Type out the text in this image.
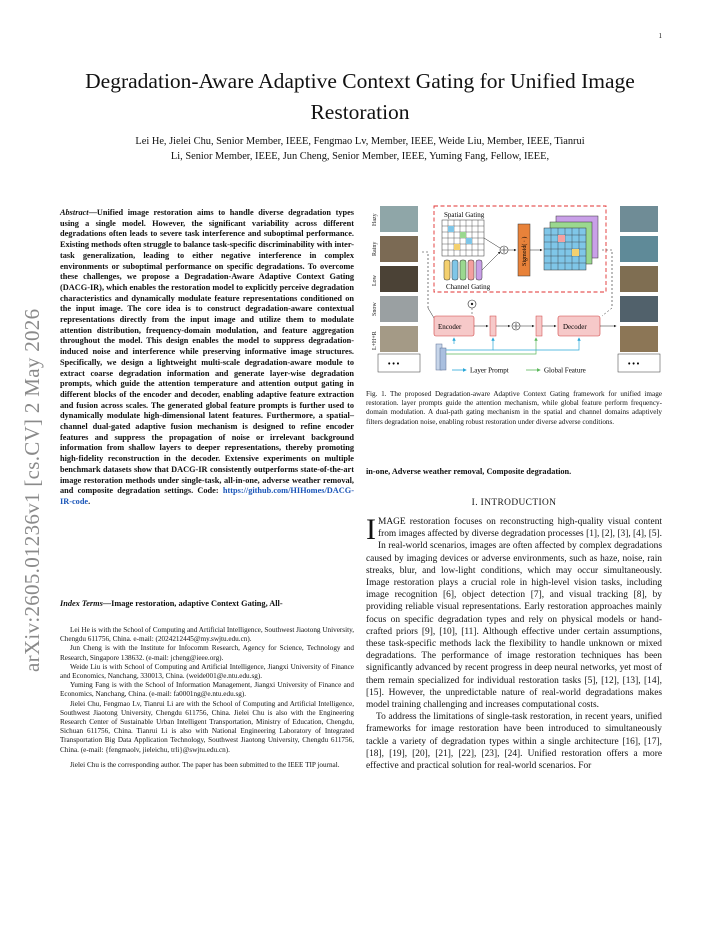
1
arXiv:2605.01236v1 [cs.CV] 2 May 2026
Degradation-Aware Adaptive Context Gating for Unified Image Restoration
Lei He, Jielei Chu, Senior Member, IEEE, Fengmao Lv, Member, IEEE, Weide Liu, Member, IEEE, Tianrui
Li, Senior Member, IEEE, Jun Cheng, Senior Member, IEEE, Yuming Fang, Fellow, IEEE,
Abstract—Unified image restoration aims to handle diverse degradation types using a single model. However, the significant variability across different degradations often leads to severe task interference and suboptimal performance. Existing methods often struggle to balance task-specific discriminability with inter-task generalization, leading to either negative interference in complex environments or suboptimal performance on specific degradations. To overcome these challenges, we propose a Degradation-Aware Adaptive Context Gating (DACG-IR), which enables the restoration model to explicitly perceive degradation characteristics and dynamically modulate feature representations conditioned on the input image. The core idea is to construct degradation-aware contextual representations directly from the input image and utilize them to modulate attention distribution, frequency-domain modulation, and feature aggregation throughout the model. This design enables the model to suppress degradation-induced noise and interference while preserving informative image structures. Specifically, we design a lightweight multi-scale degradation-aware module to extract coarse degradation information and generate layer-wise degradation prompts, which guide the attention temperature and attention output gating in different blocks of the encoder and decoder, enabling adaptive feature extraction and fusion across scales. The generated global feature prompts is further used to dynamically modulate high-dimensional latent features. Furthermore, a spatial–channel dual-gated adaptive fusion mechanism is designed to refine encoder features and suppress the propagation of noise or irrelevant background information from shallow layers to deeper representations, thereby promoting high-fidelity reconstruction in the decoder. Extensive experiments on multiple benchmark datasets show that DACG-IR consistently outperforms state-of-the-art image restoration methods under single-task, all-in-one, adverse weather removal, and composite degradation settings. Code: https://github.com/HIHomes/DACG-IR-code.
Index Terms—Image restoration, adaptive Context Gating, All-

Lei He is with the School of Computing and Artificial Intelligence, Southwest Jiaotong University, Chengdu 611756, China. e-mail: (2024212445@my.swjtu.edu.cn).

Jun Cheng is with the Institute for Infocomm Research, Agency for Science, Technology and Research, Singapore 138632. (e-mail: jcheng@ieee.org).

Weide Liu is with School of Computing and Artificial Intelligence, Jiangxi University of Finance and Economics, Nanchang, 330013, China. (weide001@e.ntu.edu.sg).

Yuming Fang is with the School of Information Management, Jiangxi University of Finance and Economics, Nanchang, China. (e-mail: fa0001ng@e.ntu.edu.sg).

Jielei Chu, Fengmao Lv, Tianrui Li are with the School of Computing and Artificial Intelligence, Southwest Jiaotong University, Chengdu 611756, China. Jielei Chu is also with the Engineering Research Center of Sustainable Urban Intelligent Transportation, Ministry of Education, Chengdu, Sichuan 611756, China. Tianrui Li is also with National Engineering Laboratory of Integrated Transportation Big Data Application Technology, Southwest Jiaotong University, Chengdu 611756, China. (e-mail: {fengmaolv, jieleichu, trli}@swjtu.edu.cn).

Jielei Chu is the corresponding author. The paper has been submitted to the IEEE TIP journal.

Hazy
Rainy
Low
Snow
L+H+R
• • •	• • •
Spatial Gating
Channel Gating
Sigmoid( · )
Encoder	Decoder
Layer Prompt	Global Feature
Fig. 1. The proposed Degradation-aware Adaptive Context Gating framework for unified image restoration. layer prompts guide the attention mechanism, while global feature perform frequency-domain modulation. A dual-path gating mechanism in the spatial and channel domains adaptively filters degradation noise, enabling robust restoration under diverse adverse conditions.
in-one, Adverse weather removal, Composite degradation.
I. INTRODUCTION

IMAGE restoration focuses on reconstructing high-quality visual content from images affected by diverse degradation processes [1], [2], [3], [4], [5]. In real-world scenarios, images are often affected by complex degradations caused by imaging devices or adverse environments, such as haze, noise, rain streaks, blur, and low-light conditions, which may occur simultaneously. Image restoration plays a crucial role in high-level vision tasks, including image recognition [6], object detection [7], and visual tracking [8], by providing reliable visual representations. Early restoration approaches mainly focus on specific degradation types and rely on physical models or hand-crafted priors [9], [10], [11]. Although effective under certain assumptions, these task-specific methods lack the flexibility to handle unknown or mixed degradations. The performance of image restoration techniques has been significantly advanced by recent progress in deep neural networks, yet most of them remain specialized for individual restoration tasks [5], [12], [13], [14], [15]. However, the unpredictable nature of real-world degradations makes model training challenging and increases computational costs.

To address the limitations of single-task restoration, in recent years, unified frameworks for image restoration have been introduced to simultaneously tackle a variety of degradation types within a single architecture [16], [17], [18], [19], [20], [21], [22], [23], [24]. Unified restoration offers a more effective and practical solution for real-world scenarios. For
